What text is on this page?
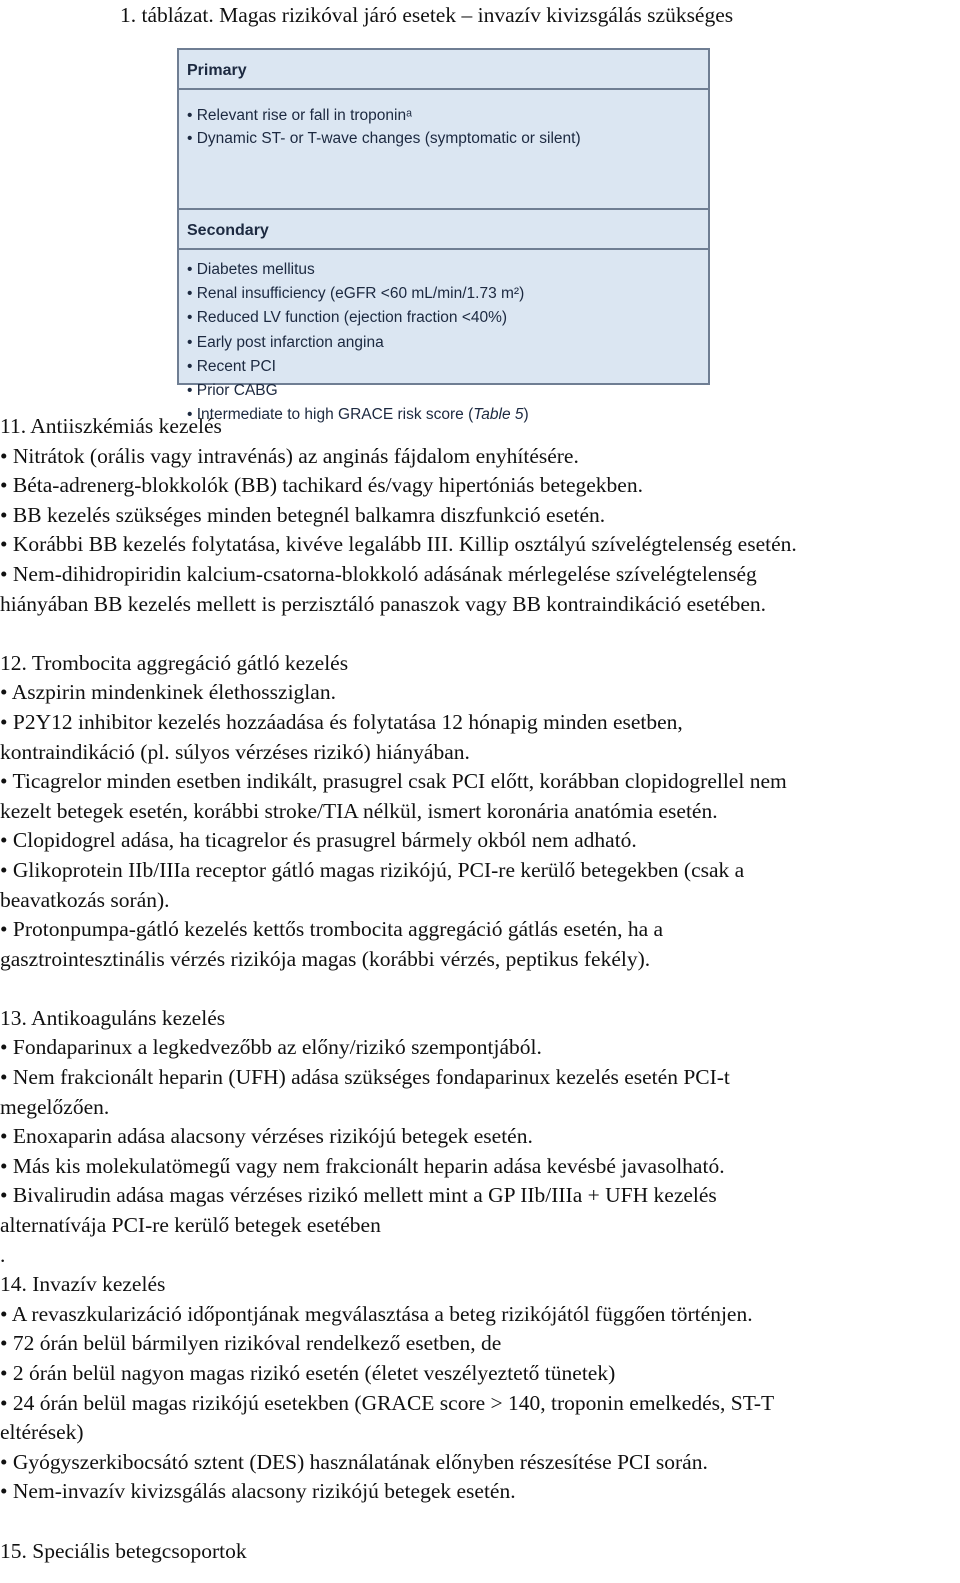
1. táblázat. Magas rizikóval járó esetek – invazív kivizsgálás szükséges
Primary
• Relevant rise or fall in troponinᵃ
• Dynamic ST- or T-wave changes (symptomatic or silent)
Secondary
• Diabetes mellitus
• Renal insufficiency (eGFR <60 mL/min/1.73 m²)
• Reduced LV function (ejection fraction <40%)
• Early post infarction angina
• Recent PCI
• Prior CABG
• Intermediate to high GRACE risk score (Table 5)
11. Antiiszkémiás kezelés
• Nitrátok (orális vagy intravénás) az anginás fájdalom enyhítésére.
• Béta-adrenerg-blokkolók (BB) tachikard és/vagy hipertóniás betegekben.
• BB kezelés szükséges minden betegnél balkamra diszfunkció esetén.
• Korábbi BB kezelés folytatása, kivéve legalább III. Killip osztályú szívelégtelenség esetén.
• Nem-dihidropiridin kalcium-csatorna-blokkoló adásának mérlegelése szívelégtelenség
hiányában BB kezelés mellett is perzisztáló panaszok vagy BB kontraindikáció esetében.
12. Trombocita aggregáció gátló kezelés
• Aszpirin mindenkinek élethossziglan.
• P2Y12 inhibitor kezelés hozzáadása és folytatása 12 hónapig minden esetben,
kontraindikáció (pl. súlyos vérzéses rizikó) hiányában.
• Ticagrelor minden esetben indikált, prasugrel csak PCI előtt, korábban clopidogrellel nem
kezelt betegek esetén, korábbi stroke/TIA nélkül, ismert koronária anatómia esetén.
• Clopidogrel adása, ha ticagrelor és prasugrel bármely okból nem adható.
• Glikoprotein IIb/IIIa receptor gátló magas rizikójú, PCI-re kerülő betegekben (csak a
beavatkozás során).
• Protonpumpa-gátló kezelés kettős trombocita aggregáció gátlás esetén, ha a
gasztrointesztinális vérzés rizikója magas (korábbi vérzés, peptikus fekély).
13. Antikoaguláns kezelés
• Fondaparinux a legkedvezőbb az előny/rizikó szempontjából.
• Nem frakcionált heparin (UFH) adása szükséges fondaparinux kezelés esetén PCI-t
megelőzően.
• Enoxaparin adása alacsony vérzéses rizikójú betegek esetén.
• Más kis molekulatömegű vagy nem frakcionált heparin adása kevésbé javasolható.
• Bivalirudin adása magas vérzéses rizikó mellett mint a GP IIb/IIIa + UFH kezelés
alternatívája PCI-re kerülő betegek esetében
.
14. Invazív kezelés
• A revaszkularizáció időpontjának megválasztása a beteg rizikójától függően történjen.
• 72 órán belül bármilyen rizikóval rendelkező esetben, de
• 2 órán belül nagyon magas rizikó esetén (életet veszélyeztető tünetek)
• 24 órán belül magas rizikójú esetekben (GRACE score > 140, troponin emelkedés, ST-T
eltérések)
• Gyógyszerkibocsátó sztent (DES) használatának előnyben részesítése PCI során.
• Nem-invazív kivizsgálás alacsony rizikójú betegek esetén.
15. Speciális betegcsoportok
